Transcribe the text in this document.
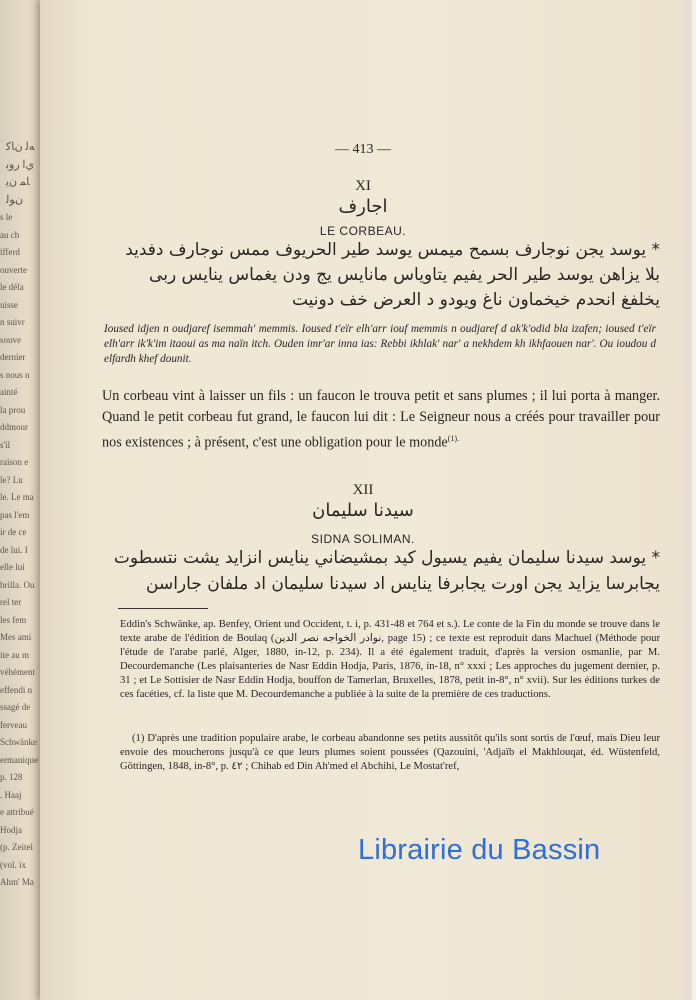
ﻪﻟ ﻥﺎﻛ
ﻱﺍ ﺭﻭﺑ
ﺎﻤ ﻥﻳ
ﻥﻮﻟ
s le
au ch
ifferd
ouverte
le déla
uisse
n suivr
souve
dernier
s nous n
ainté
la prou
ddmour
s'il
raison e
le? Lu
le. Le ma
pas l'em
ir de ce
de lui. I
elle lui
brilla. Ou
rel ter
les fem
Mes ami
ite au m
véhément
effendi n
ssagé de
ferveau
Schwänke
ermanique
p. 128
. Haaj
e attribué
Hodja
(p. Zeitel
(vol. ix
Ahm' Ma
— 413 —
XI
اجارف
LE CORBEAU.
* يوسد يجن نوجارف بسمح ميمس يوسد طير الحريوف ممس نوجارف دفديد
بلا يزاهن يوسد طير الحر يفيم يتاوياس مانايس يج ودن يغماس ينايس ربى
يخلفغ انحدم خيخماون ناغ ويودو د العرض خف دونيت
Ioused idjen n oudjaref isemmah' memmis. Ioused t'eïr elh'arr iouf memmis n oudjaref d ak'k'odid bla izafen; ioused t'eïr elh'arr ik'k'im itaoui as ma naïn itch. Ouden imr'ar inna ias: Rebbi ikhlak' nar' a nekhdem kh ikhfaouen nar'. Ou ioudou d elfardh khef dounit.
Un corbeau vint à laisser un fils : un faucon le trouva petit et sans plumes ; il lui porta à manger. Quand le petit corbeau fut grand, le faucon lui dit : Le Seigneur nous a créés pour travailler pour nos existences ; à présent, c'est une obligation pour le monde$^{(1).}$
XII
سيدنا سليمان
SIDNA SOLIMAN.
* يوسد سيدنا سليمان يفيم يسيول كيد بمشيضاني ينايس انزايد يشت نتسطوت
يجابرسا يزايد يجن اورت يجابرفا ينايس اد سيدنا سليمان اد ملفان جاراسن
Eddin's Schwänke, ap. Benfey, Orient und Occident, t. i, p. 431-48 et 764 et s.). Le conte de la Fin du monde se trouve dans le texte arabe de l'édition de Boulaq (نوادر الخواجه نصر الدين, page 15) ; ce texte est reproduit dans Machuel (Méthode pour l'étude de l'arabe parlé, Alger, 1880, in-12, p. 234). Il a été également traduit, d'après la version osmanlie, par M. Decourdemanche (Les plaisanteries de Nasr Eddin Hodja, Paris, 1876, in-18, n° xxxi ; Les approches du jugement dernier, p. 31 ; et Le Sottisier de Nasr Eddin Hodja, bouffon de Tamerlan, Bruxelles, 1878, petit in-8°, n° xvii). Sur les éditions turkes de ces facéties, cf. la liste que M. Decourdemanche a publiée à la suite de la première de ces traductions.
(1) D'après une tradition populaire arabe, le corbeau abandonne ses petits aussitôt qu'ils sont sortis de l'œuf, mais Dieu leur envoie des moucherons jusqu'à ce que leurs plumes soient poussées (Qazouini, 'Adjaïb el Makhlouqat, éd. Wüstenfeld, Göttingen, 1848, in-8°, p. ٤٢ ; Chihab ed Din Ah'med el Abchihi, Le Mostat'ref,
Librairie du Bassin
